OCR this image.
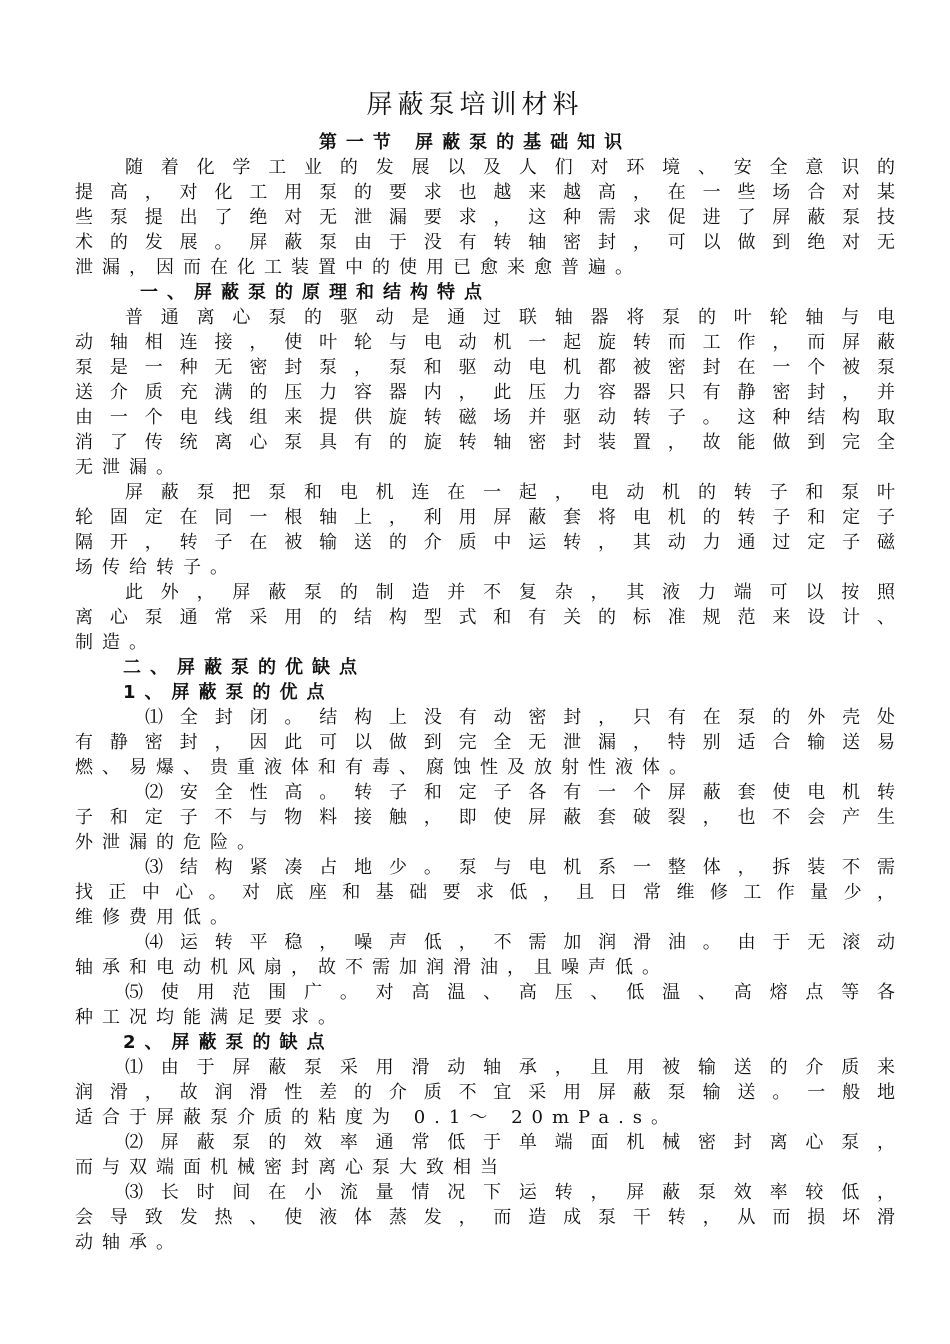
屏蔽泵培训材料
第一节 屏蔽泵的基础知识
随着化学工业的发展以及人们对环境、安全意识的
提高，对化工用泵的要求也越来越高，在一些场合对某
些泵提出了绝对无泄漏要求，这种需求促进了屏蔽泵技
术的发展。屏蔽泵由于没有转轴密封，可以做到绝对无
泄漏，因而在化工装置中的使用已愈来愈普遍。
一、屏蔽泵的原理和结构特点
普通离心泵的驱动是通过联轴器将泵的叶轮轴与电
动轴相连接，使叶轮与电动机一起旋转而工作，而屏蔽
泵是一种无密封泵，泵和驱动电机都被密封在一个被泵
送介质充满的压力容器内，此压力容器只有静密封，并
由一个电线组来提供旋转磁场并驱动转子。这种结构取
消了传统离心泵具有的旋转轴密封装置，故能做到完全
无泄漏。
屏蔽泵把泵和电机连在一起，电动机的转子和泵叶
轮固定在同一根轴上，利用屏蔽套将电机的转子和定子
隔开，转子在被输送的介质中运转，其动力通过定子磁
场传给转子。
此外，屏蔽泵的制造并不复杂，其液力端可以按照
离心泵通常采用的结构型式和有关的标准规范来设计、
制造。
二、屏蔽泵的优缺点
1、屏蔽泵的优点
⑴全封闭。结构上没有动密封，只有在泵的外壳处
有静密封，因此可以做到完全无泄漏，特别适合输送易
燃、易爆、贵重液体和有毒、腐蚀性及放射性液体。
⑵安全性高。转子和定子各有一个屏蔽套使电机转
子和定子不与物料接触，即使屏蔽套破裂，也不会产生
外泄漏的危险。
⑶结构紧凑占地少。泵与电机系一整体，拆装不需
找正中心。对底座和基础要求低，且日常维修工作量少，
维修费用低。
⑷运转平稳，噪声低，不需加润滑油。由于无滚动
轴承和电动机风扇，故不需加润滑油，且噪声低。
⑸使用范围广。对高温、高压、低温、高熔点等各
种工况均能满足要求。
2、屏蔽泵的缺点
⑴由于屏蔽泵采用滑动轴承，且用被输送的介质来
润滑，故润滑性差的介质不宜采用屏蔽泵输送。一般地
适合于屏蔽泵介质的粘度为 0.1～ 20mPa.s。
⑵屏蔽泵的效率通常低于单端面机械密封离心泵，
而与双端面机械密封离心泵大致相当
⑶长时间在小流量情况下运转，屏蔽泵效率较低，
会导致发热、使液体蒸发，而造成泵干转，从而损坏滑
动轴承。
